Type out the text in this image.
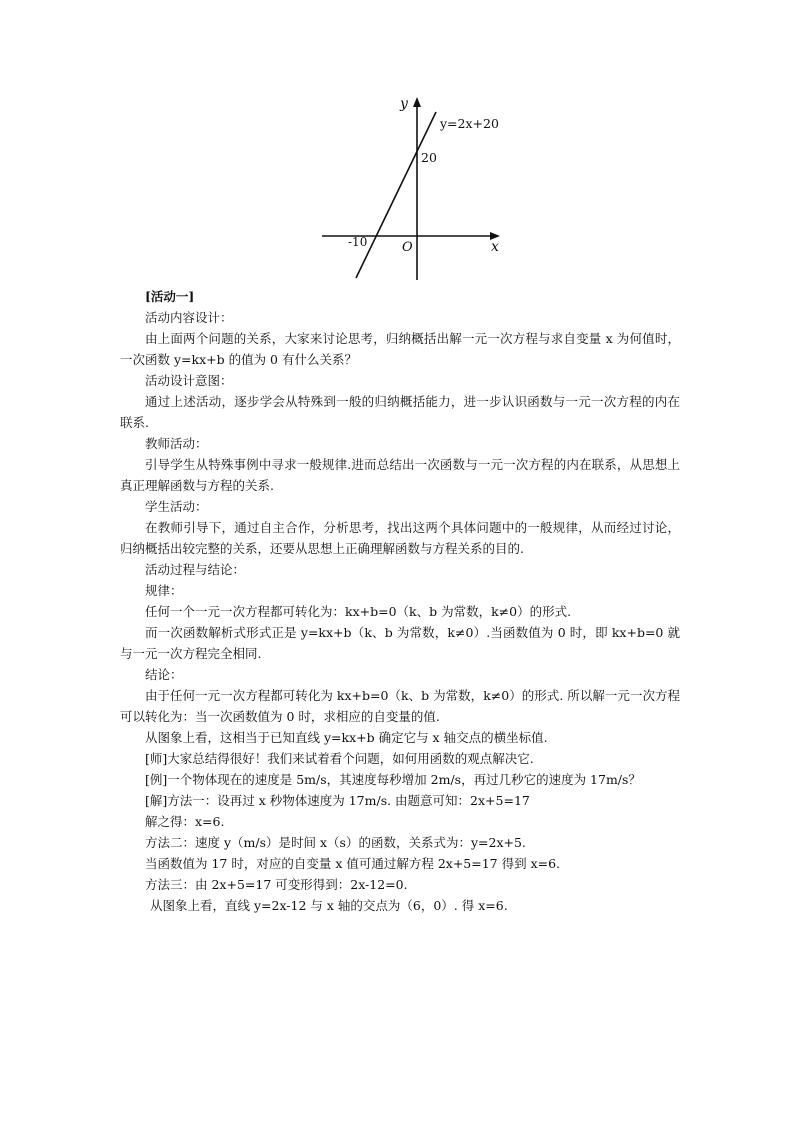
y
x
O
y=2x+20
20
-10

[活动一]

活动内容设计：

由上面两个问题的关系，大家来讨论思考，归纳概括出解一元一次方程与求自变量 x 为何值时，一次函数 y=kx+b 的值为 0 有什么关系？

活动设计意图：

通过上述活动，逐步学会从特殊到一般的归纳概括能力，进一步认识函数与一元一次方程的内在联系.

教师活动：

引导学生从特殊事例中寻求一般规律.进而总结出一次函数与一元一次方程的内在联系，从思想上真正理解函数与方程的关系.

学生活动：

在教师引导下，通过自主合作，分析思考，找出这两个具体问题中的一般规律，从而经过讨论，归纳概括出较完整的关系，还要从思想上正确理解函数与方程关系的目的.

活动过程与结论：

规律：

任何一个一元一次方程都可转化为：kx+b=0（k、b 为常数，k≠0）的形式.

而一次函数解析式形式正是 y=kx+b（k、b 为常数，k≠0）.当函数值为 0 时，即 kx+b=0 就与一元一次方程完全相同.

结论：

由于任何一元一次方程都可转化为 kx+b=0（k、b 为常数，k≠0）的形式. 所以解一元一次方程可以转化为：当一次函数值为 0 时，求相应的自变量的值.

从图象上看，这相当于已知直线 y=kx+b 确定它与 x 轴交点的横坐标值.

[师]大家总结得很好！我们来试着看个问题，如何用函数的观点解决它.

[例]一个物体现在的速度是 5m/s，其速度每秒增加 2m/s，再过几秒它的速度为 17m/s？

[解]方法一：设再过 x 秒物体速度为 17m/s. 由题意可知：2x+5=17

解之得：x=6.

方法二：速度 y（m/s）是时间 x（s）的函数，关系式为：y=2x+5.

当函数值为 17 时，对应的自变量 x 值可通过解方程 2x+5=17 得到 x=6.

方法三：由 2x+5=17 可变形得到：2x-12=0.

从图象上看，直线 y=2x-12 与 x 轴的交点为（6，0）. 得 x=6.
